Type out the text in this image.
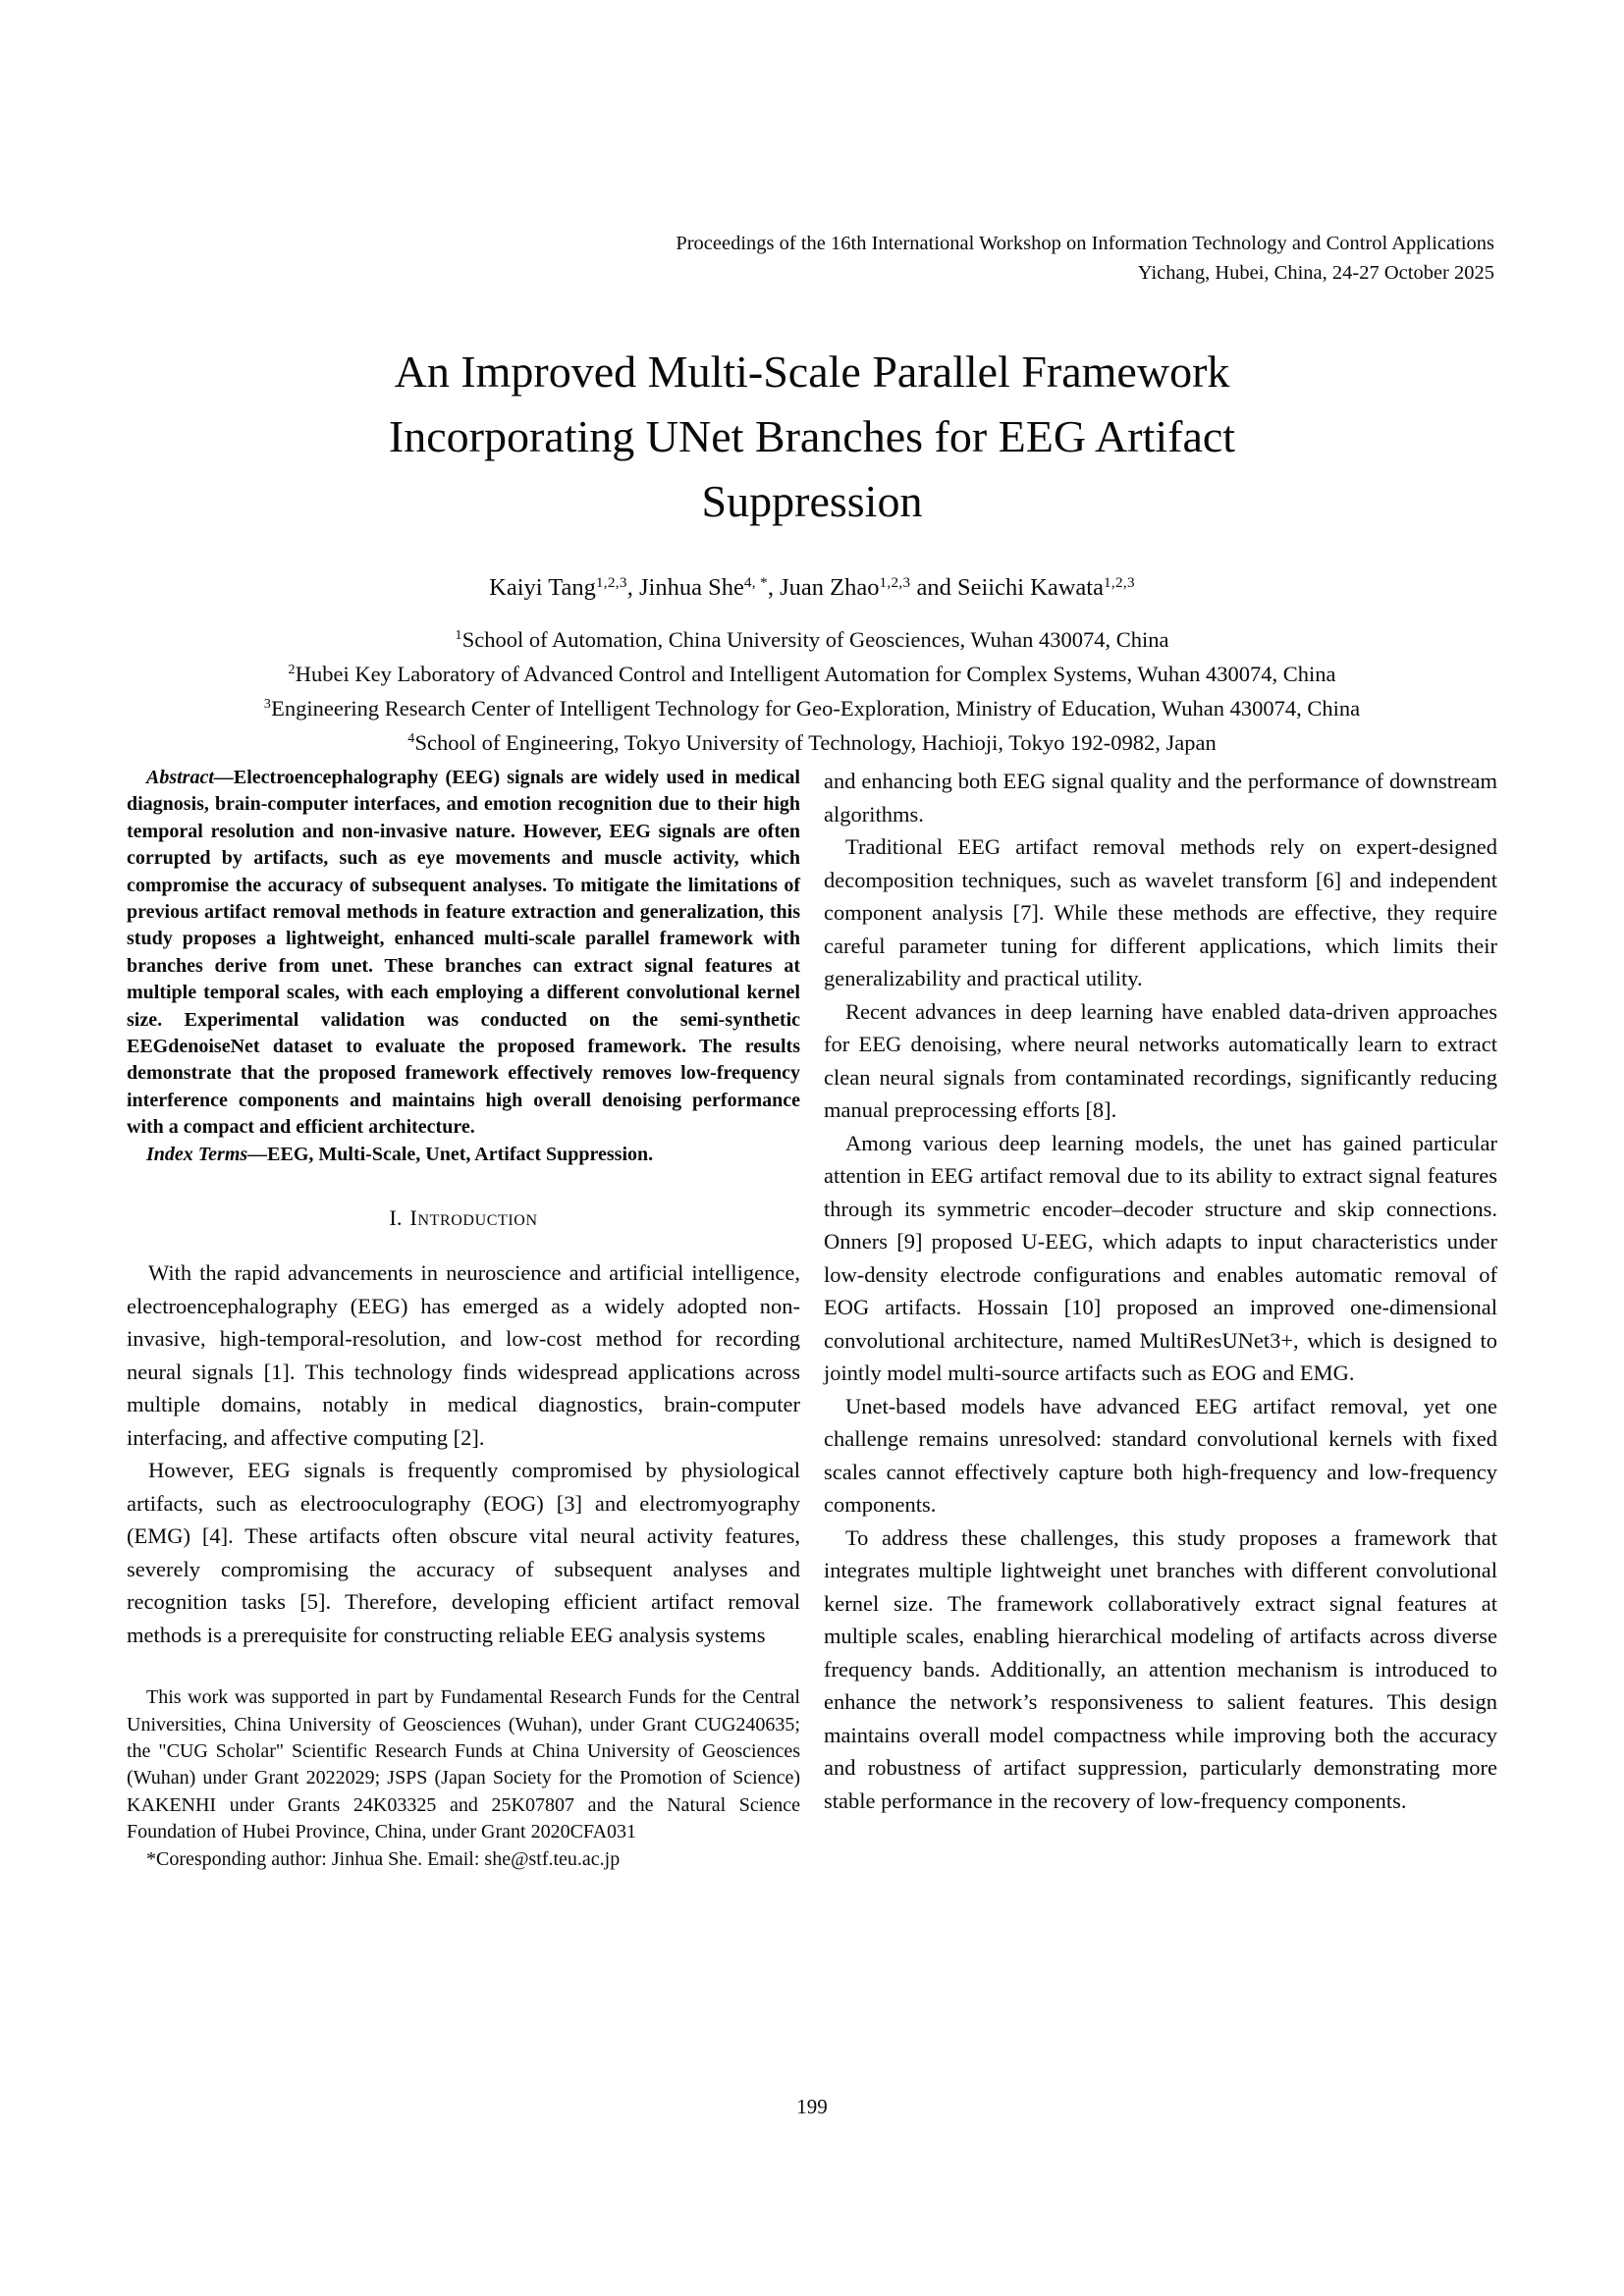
Proceedings of the 16th International Workshop on Information Technology and Control Applications
Yichang, Hubei, China, 24-27 October 2025
An Improved Multi-Scale Parallel Framework Incorporating UNet Branches for EEG Artifact Suppression
Kaiyi Tang$^{1,2,3}$, Jinhua She$^{4, *}$, Juan Zhao$^{1,2,3}$ and Seiichi Kawata$^{1,2,3}$
$^1$School of Automation, China University of Geosciences, Wuhan 430074, China
$^2$Hubei Key Laboratory of Advanced Control and Intelligent Automation for Complex Systems, Wuhan 430074, China
$^3$Engineering Research Center of Intelligent Technology for Geo-Exploration, Ministry of Education, Wuhan 430074, China
$^4$School of Engineering, Tokyo University of Technology, Hachioji, Tokyo 192-0982, Japan

Abstract—Electroencephalography (EEG) signals are widely used in medical diagnosis, brain-computer interfaces, and emotion recognition due to their high temporal resolution and non-invasive nature. However, EEG signals are often corrupted by artifacts, such as eye movements and muscle activity, which compromise the accuracy of subsequent analyses. To mitigate the limitations of previous artifact removal methods in feature extraction and generalization, this study proposes a lightweight, enhanced multi-scale parallel framework with branches derive from unet. These branches can extract signal features at multiple temporal scales, with each employing a different convolutional kernel size. Experimental validation was conducted on the semi-synthetic EEGdenoiseNet dataset to evaluate the proposed framework. The results demonstrate that the proposed framework effectively removes low-frequency interference components and maintains high overall denoising performance with a compact and efficient architecture.

Index Terms—EEG, Multi-Scale, Unet, Artifact Suppression.

I. Introduction

With the rapid advancements in neuroscience and artificial intelligence, electroencephalography (EEG) has emerged as a widely adopted non-invasive, high-temporal-resolution, and low-cost method for recording neural signals [1]. This technology finds widespread applications across multiple domains, notably in medical diagnostics, brain-computer interfacing, and affective computing [2].

However, EEG signals is frequently compromised by physiological artifacts, such as electrooculography (EOG) [3] and electromyography (EMG) [4]. These artifacts often obscure vital neural activity features, severely compromising the accuracy of subsequent analyses and recognition tasks [5]. Therefore, developing efficient artifact removal methods is a prerequisite for constructing reliable EEG analysis systems

This work was supported in part by Fundamental Research Funds for the Central Universities, China University of Geosciences (Wuhan), under Grant CUG240635; the "CUG Scholar" Scientific Research Funds at China University of Geosciences (Wuhan) under Grant 2022029; JSPS (Japan Society for the Promotion of Science) KAKENHI under Grants 24K03325 and 25K07807 and the Natural Science Foundation of Hubei Province, China, under Grant 2020CFA031

*Coresponding author: Jinhua She. Email: she@stf.teu.ac.jp

and enhancing both EEG signal quality and the performance of downstream algorithms.

Traditional EEG artifact removal methods rely on expert-designed decomposition techniques, such as wavelet transform [6] and independent component analysis [7]. While these methods are effective, they require careful parameter tuning for different applications, which limits their generalizability and practical utility.

Recent advances in deep learning have enabled data-driven approaches for EEG denoising, where neural networks automatically learn to extract clean neural signals from contaminated recordings, significantly reducing manual preprocessing efforts [8].

Among various deep learning models, the unet has gained particular attention in EEG artifact removal due to its ability to extract signal features through its symmetric encoder–decoder structure and skip connections. Onners [9] proposed U-EEG, which adapts to input characteristics under low-density electrode configurations and enables automatic removal of EOG artifacts. Hossain [10] proposed an improved one-dimensional convolutional architecture, named MultiResUNet3+, which is designed to jointly model multi-source artifacts such as EOG and EMG.

Unet-based models have advanced EEG artifact removal, yet one challenge remains unresolved: standard convolutional kernels with fixed scales cannot effectively capture both high-frequency and low-frequency components.

To address these challenges, this study proposes a framework that integrates multiple lightweight unet branches with different convolutional kernel size. The framework collaboratively extract signal features at multiple scales, enabling hierarchical modeling of artifacts across diverse frequency bands. Additionally, an attention mechanism is introduced to enhance the network’s responsiveness to salient features. This design maintains overall model compactness while improving both the accuracy and robustness of artifact suppression, particularly demonstrating more stable performance in the recovery of low-frequency components.

199
